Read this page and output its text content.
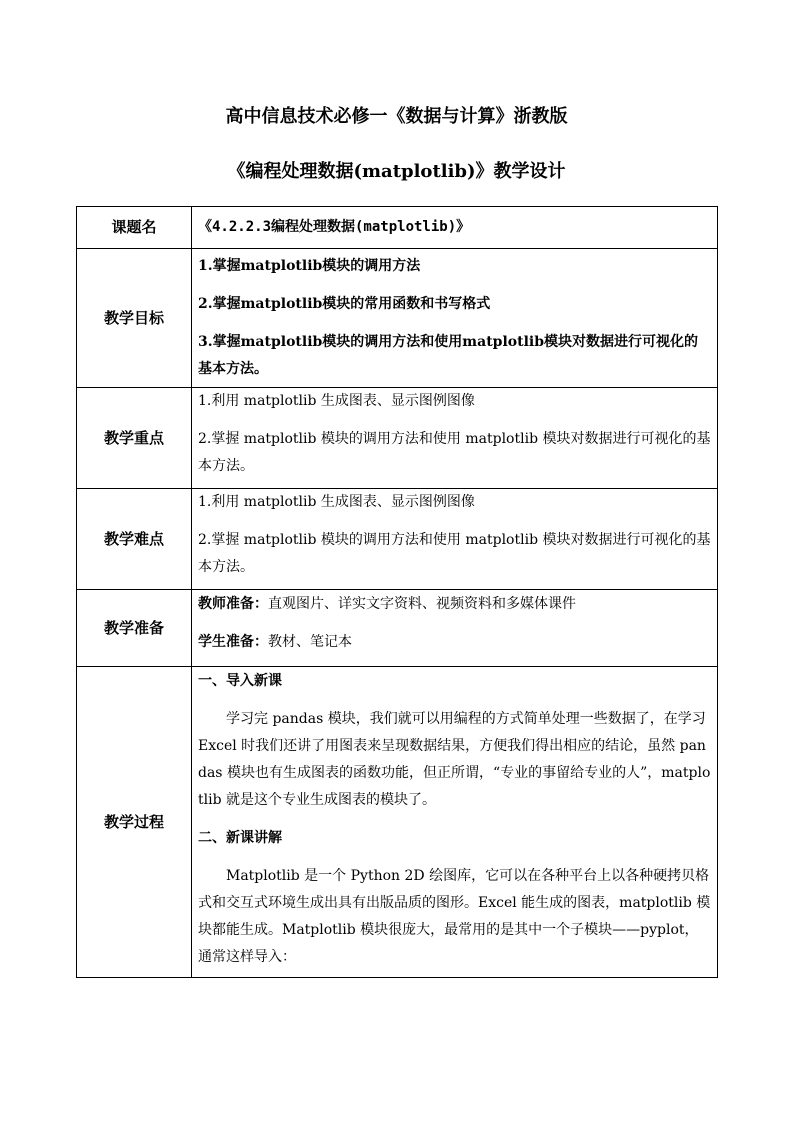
高中信息技术必修一《数据与计算》浙教版
《编程处理数据(matplotlib)》教学设计
课题名	《4.2.2.3编程处理数据(matplotlib)》
教学目标	1.掌握matplotlib模块的调用方法

2.掌握matplotlib模块的常用函数和书写格式

3.掌握matplotlib模块的调用方法和使用matplotlib模块对数据进行可视化的基本方法。

教学重点	1.利用 matplotlib 生成图表、显示图例图像

2.掌握 matplotlib 模块的调用方法和使用 matplotlib 模块对数据进行可视化的基本方法。

教学难点	1.利用 matplotlib 生成图表、显示图例图像

2.掌握 matplotlib 模块的调用方法和使用 matplotlib 模块对数据进行可视化的基本方法。

教学准备	教师准备：直观图片、详实文字资料、视频资料和多媒体课件

学生准备：教材、笔记本

教学过程	一、导入新课

学习完 pandas 模块，我们就可以用编程的方式简单处理一些数据了，在学习 Excel 时我们还讲了用图表来呈现数据结果，方便我们得出相应的结论，虽然 pandas 模块也有生成图表的函数功能，但正所谓，“专业的事留给专业的人”，matplotlib 就是这个专业生成图表的模块了。

二、新课讲解

Matplotlib 是一个 Python 2D 绘图库，它可以在各种平台上以各种硬拷贝格式和交互式环境生成出具有出版品质的图形。Excel 能生成的图表，matplotlib 模块都能生成。Matplotlib 模块很庞大，最常用的是其中一个子模块——pyplot，通常这样导入：
